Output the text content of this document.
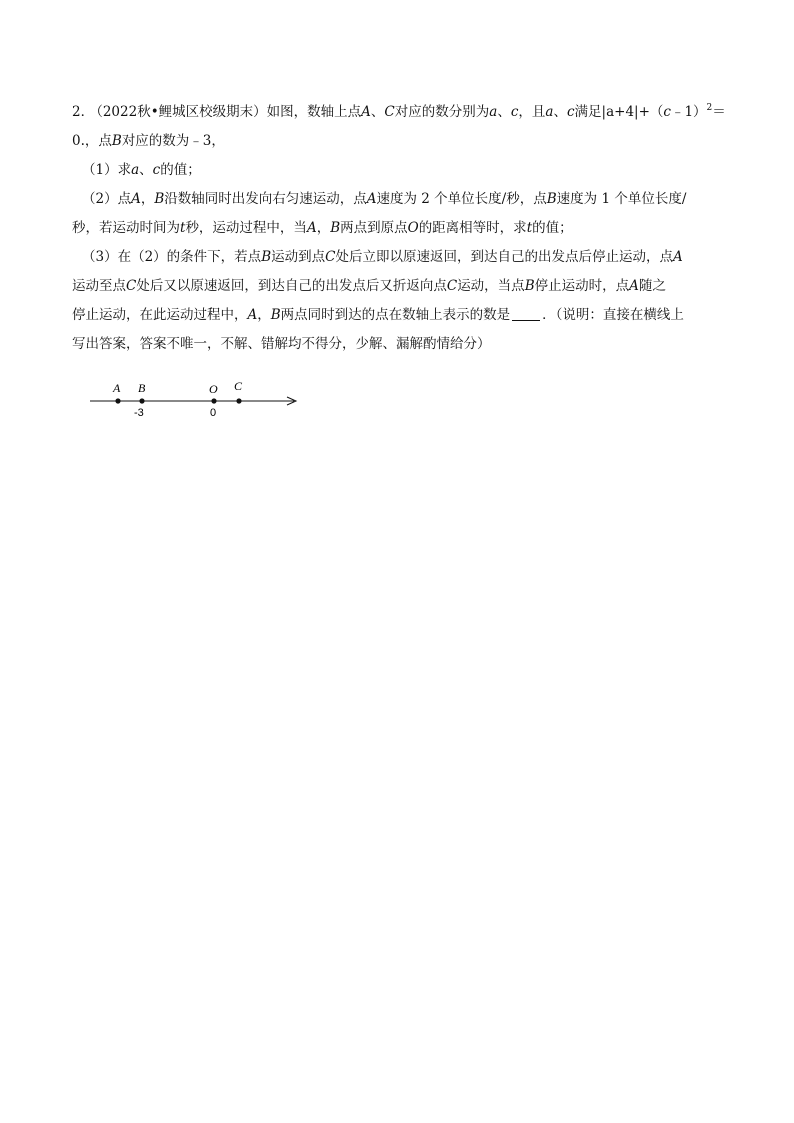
2． （2022秋•鲤城区校级期末）如图，数轴上点A、C对应的数分别为a、c，且a、c满足|a+4|+（c﹣1）$^2$＝
0.，点B对应的数为﹣3，
（1）求a、c的值；
（2）点A，B沿数轴同时出发向右匀速运动，点A速度为 2 个单位长度/秒，点B速度为 1 个单位长度/
秒，若运动时间为t秒，运动过程中，当A，B两点到原点O的距离相等时，求t的值；
（3）在（2）的条件下，若点B运动到点C处后立即以原速返回，到达自己的出发点后停止运动，点A
运动至点C处后又以原速返回，到达自己的出发点后又折返向点C运动，当点B停止运动时，点A随之
停止运动，在此运动过程中，A，B两点同时到达的点在数轴上表示的数是 ．（说明：直接在横线上
写出答案，答案不唯一，不解、错解均不得分，少解、漏解酌情给分）
A B	O C
-3	0
